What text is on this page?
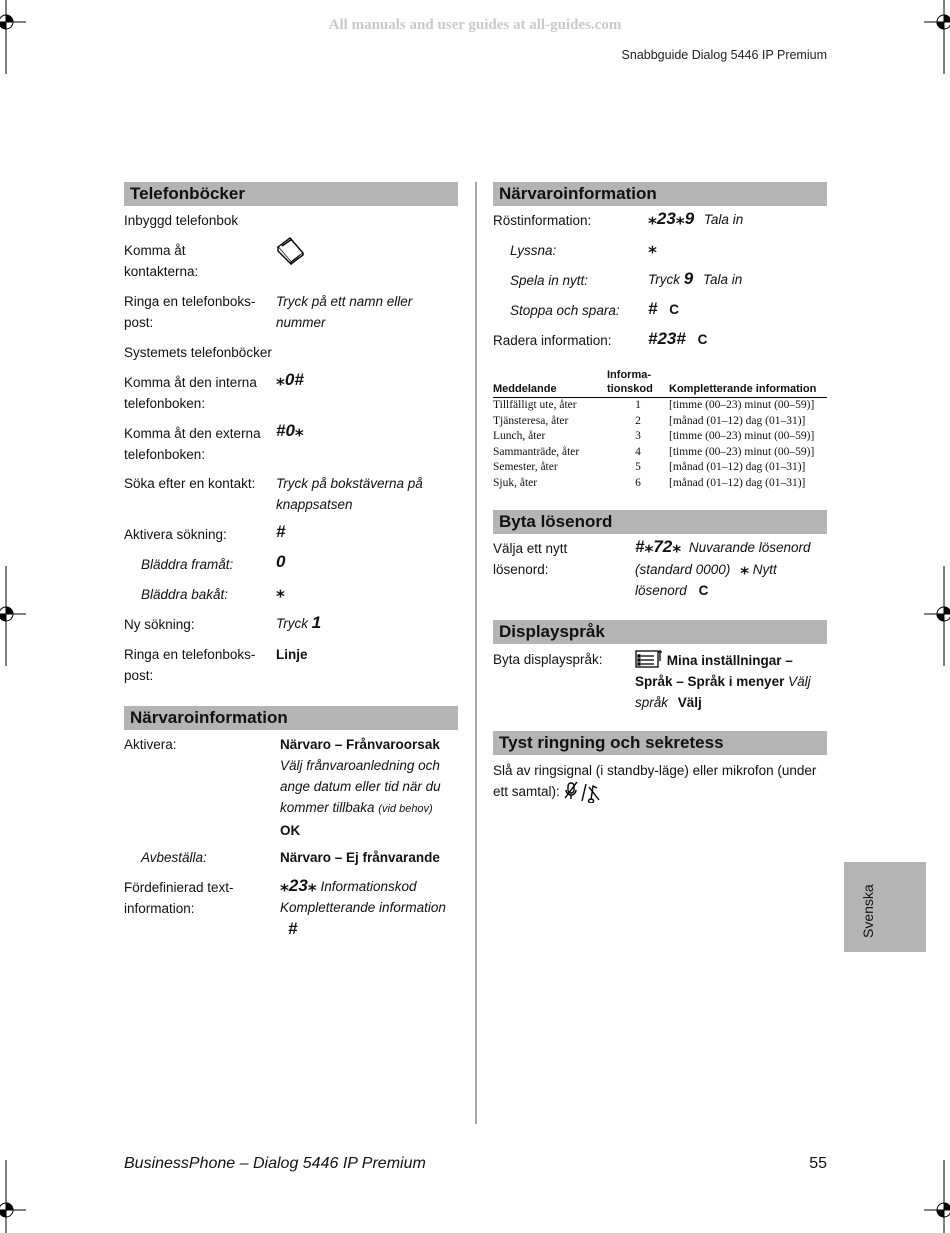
All manuals and user guides at all-guides.com
Snabbguide Dialog 5446 IP Premium
Telefonböcker
Inbyggd telefonbok
Komma åt kontakterna:
Ringa en telefonboks-post:
Tryck på ett namn eller nummer
Systemets telefonböcker
Komma åt den interna telefonboken:
⁎0#
Komma åt den externa telefonboken:
#0⁎
Söka efter en kontakt: Tryck på bokstäverna på knappsatsen
Aktivera sökning:	#
Bläddra framåt:	0
Bläddra bakåt:	⁎
Ny sökning:	Tryck 1
Ringa en telefonboks-post:
Linje
Närvaroinformation
Aktivera:	Närvaro – Frånvaroorsak
Välj frånvaroanledning och ange datum eller tid när du kommer tillbaka (vid behov)
OK
Avbeställa:	Närvaro – Ej frånvarande
Fördefinierad text-information:
⁎23⁎ Informationskod Kompletterande information #
Närvaroinformation
Röstinformation:	⁎23⁎9 Tala in
Lyssna:	⁎
Spela in nytt:	Tryck 9 Tala in
Stoppa och spara: # C
Radera information: #23# C
Meddelande	Informa-tionskod	Kompletterande information
Tillfälligt ute, åter	1	[timme (00–23) minut (00–59)]
Tjänsteresa, åter	2	[månad (01–12) dag (01–31)]
Lunch, åter	3	[timme (00–23) minut (00–59)]
Sammanträde, åter	4	[timme (00–23) minut (00–59)]
Semester, åter	5	[månad (01–12) dag (01–31)]
Sjuk, åter	6	[månad (01–12) dag (01–31)]
Byta lösenord
Välja ett nytt lösenord:
#⁎72⁎ Nuvarande lösenord (standard 0000) ⁎ Nytt lösenord C
Displayspråk
Byta displayspråk:	Mina inställningar – Språk – Språk i menyer Välj språk Välj
Tyst ringning och sekretess
Slå av ringsignal (i standby-läge) eller mikrofon (under ett samtal):
Svenska
BusinessPhone – Dialog 5446 IP Premium	55
